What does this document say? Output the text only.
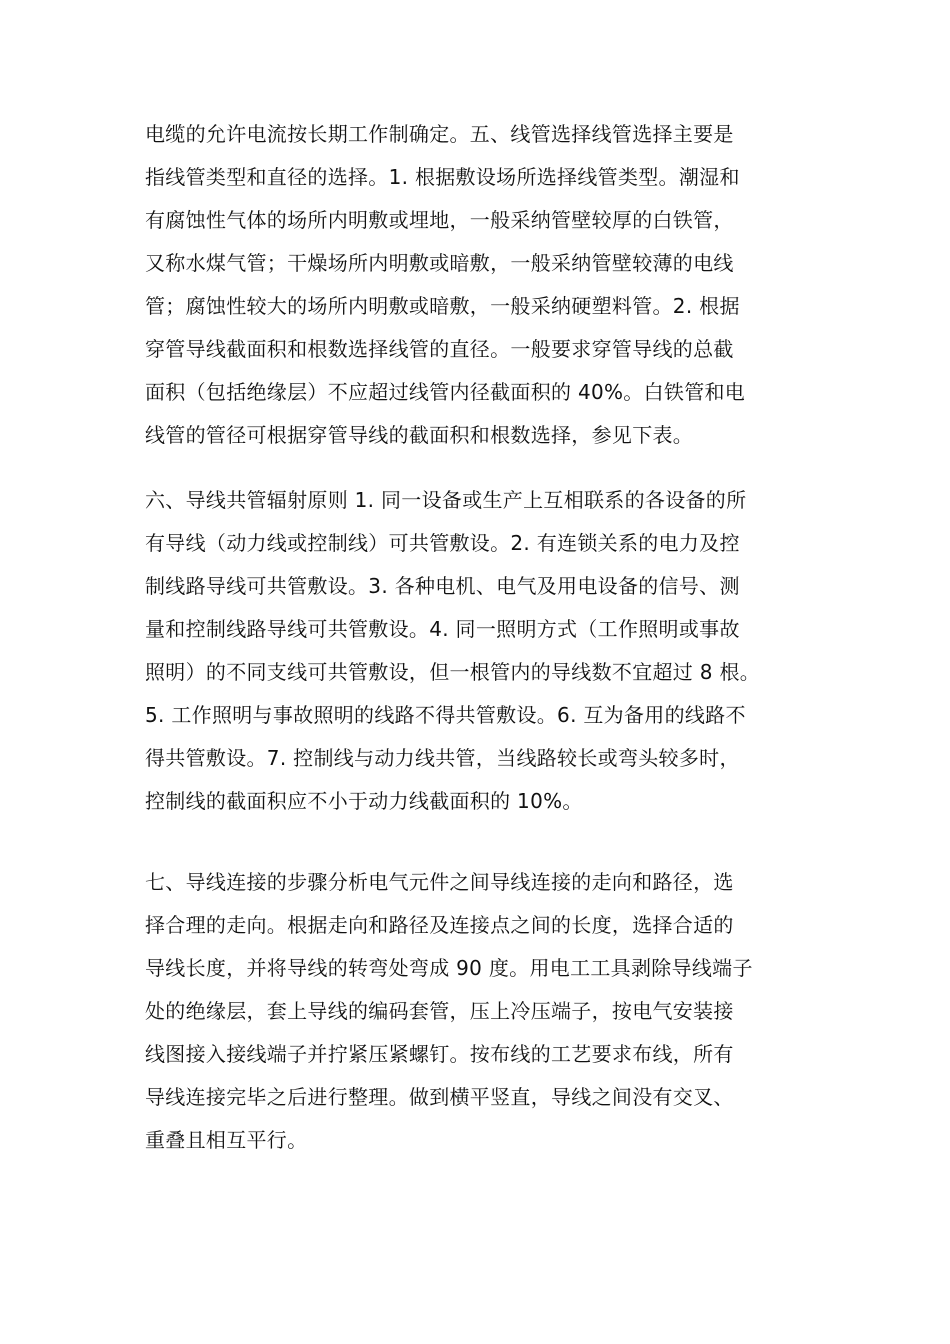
电缆的允许电流按长期工作制确定。五、线管选择线管选择主要是
指线管类型和直径的选择。1. 根据敷设场所选择线管类型。潮湿和
有腐蚀性气体的场所内明敷或埋地，一般采纳管壁较厚的白铁管，
又称水煤气管；干燥场所内明敷或暗敷，一般采纳管壁较薄的电线
管；腐蚀性较大的场所内明敷或暗敷，一般采纳硬塑料管。2. 根据
穿管导线截面积和根数选择线管的直径。一般要求穿管导线的总截
面积（包括绝缘层）不应超过线管内径截面积的 40%。白铁管和电
线管的管径可根据穿管导线的截面积和根数选择，参见下表。
六、导线共管辐射原则 1. 同一设备或生产上互相联系的各设备的所
有导线（动力线或控制线）可共管敷设。2. 有连锁关系的电力及控
制线路导线可共管敷设。3. 各种电机、电气及用电设备的信号、测
量和控制线路导线可共管敷设。4. 同一照明方式（工作照明或事故
照明）的不同支线可共管敷设，但一根管内的导线数不宜超过 8 根。
5. 工作照明与事故照明的线路不得共管敷设。6. 互为备用的线路不
得共管敷设。7. 控制线与动力线共管，当线路较长或弯头较多时，
控制线的截面积应不小于动力线截面积的 10%。
七、导线连接的步骤分析电气元件之间导线连接的走向和路径，选
择合理的走向。根据走向和路径及连接点之间的长度，选择合适的
导线长度，并将导线的转弯处弯成 90 度。用电工工具剥除导线端子
处的绝缘层，套上导线的编码套管，压上冷压端子，按电气安装接
线图接入接线端子并拧紧压紧螺钉。按布线的工艺要求布线，所有
导线连接完毕之后进行整理。做到横平竖直，导线之间没有交叉、
重叠且相互平行。
